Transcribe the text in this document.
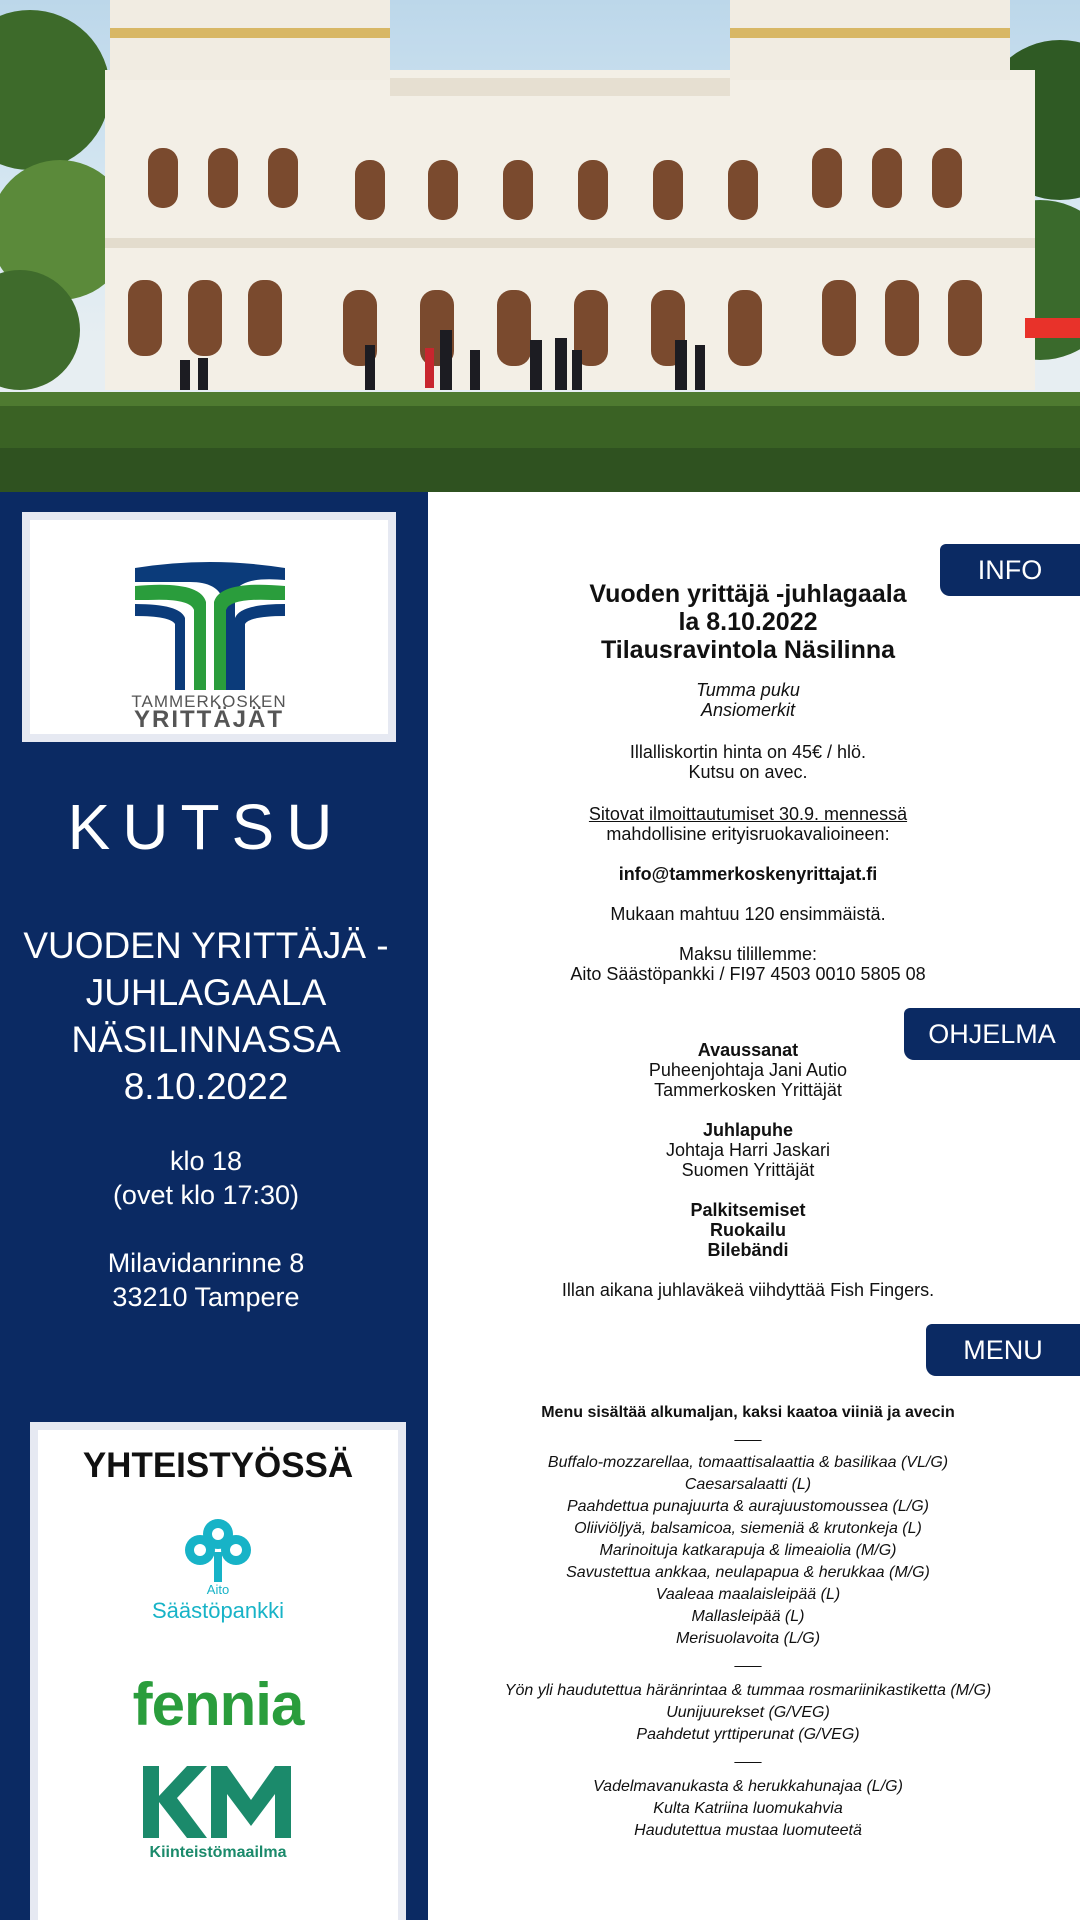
TAMMERKOSKEN
YRITTÄJÄT
KUTSU
VUODEN YRITTÄJÄ -
JUHLAGAALA
NÄSILINNASSA
8.10.2022
klo 18
(ovet klo 17:30)
Milavidanrinne 8
33210 Tampere
YHTEISTYÖSSÄ
Aito
Säästöpankki
fennia
Kiinteistömaailma
INFO
Vuoden yrittäjä -juhlagaala
la 8.10.2022
Tilausravintola Näsilinna
Tumma puku
Ansiomerkit
Illalliskortin hinta on 45€ / hlö.
Kutsu on avec.
Sitovat ilmoittautumiset 30.9. mennessä
mahdollisine erityisruokavalioineen:
info@tammerkoskenyrittajat.fi
Mukaan mahtuu 120 ensimmäistä.
Maksu tilillemme:
Aito Säästöpankki / FI97 4503 0010 5805 08
OHJELMA
Avaussanat
Puheenjohtaja Jani Autio
Tammerkosken Yrittäjät
Juhlapuhe
Johtaja Harri Jaskari
Suomen Yrittäjät
Palkitsemiset
Ruokailu
Bilebändi
Illan aikana juhlaväkeä viihdyttää Fish Fingers.
MENU
Menu sisältää alkumaljan, kaksi kaatoa viiniä ja avecin
___
Buffalo-mozzarellaa, tomaattisalaattia & basilikaa (VL/G)
Caesarsalaatti (L)
Paahdettua punajuurta & aurajuustomoussea (L/G)
Oliiviöljyä, balsamicoa, siemeniä & krutonkeja (L)
Marinoituja katkarapuja & limeaiolia (M/G)
Savustettua ankkaa, neulapapua & herukkaa (M/G)
Vaaleaa maalaisleipää (L)
Mallasleipää (L)
Merisuolavoita (L/G)
___
Yön yli haudutettua häränrintaa & tummaa rosmariinikastiketta (M/G)
Uunijuurekset (G/VEG)
Paahdetut yrttiperunat (G/VEG)
___
Vadelmavanukasta & herukkahunajaa (L/G)
Kulta Katriina luomukahvia
Haudutettua mustaa luomuteetä
